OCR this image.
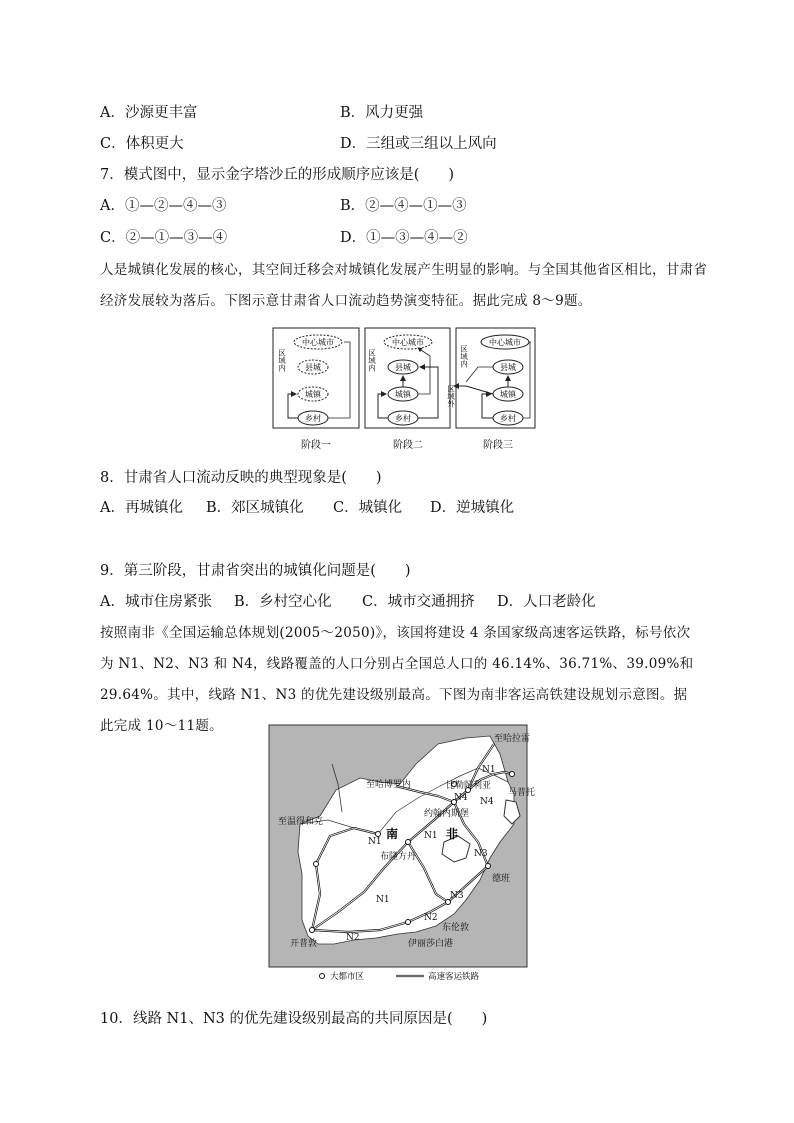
A．沙源更丰富	B．风力更强
C．体积更大	D．三组或三组以上风向
7．模式图中，显示金字塔沙丘的形成顺序应该是(　　)
A．①—②—④—③	B．②—④—①—③
C．②—①—③—④	D．①—③—④—②
人是城镇化发展的核心，其空间迁移会对城镇化发展产生明显的影响。与全国其他省区相比，甘肃省经济发展较为落后。下图示意甘肃省人口流动趋势演变特征。据此完成 8～9题。
中心城市
县城
城镇
乡村
区域内
阶段一
中心城市
县城
城镇
乡村
区域内
阶段二
中心城市
县城
城镇
乡村
区域内
区域外
阶段三
8．甘肃省人口流动反映的典型现象是(　　)
A．再城镇化 B．郊区城镇化 C．城镇化 D．逆城镇化
9．第三阶段，甘肃省突出的城镇化问题是(　　)
A．城市住房紧张 B．乡村空心化 C．城市交通拥挤 D．人口老龄化
按照南非《全国运输总体规划(2005～2050)》，该国将建设 4 条国家级高速客运铁路，标号依次为 N1、N2、N3 和 N4，线路覆盖的人口分别占全国总人口的 46.14%、36.71%、39.09%和 29.64%。其中，线路 N1、N3 的优先建设级别最高。下图为南非客运高铁建设规划示意图。据此完成 10～11题。
至哈拉雷
至哈博罗内	比勒陀利亚
约翰内斯堡
马普托
至温得和克
布隆方丹
德班
东伦敦
伊丽莎白港
开普敦
N1
N4 N4
N1
N1
N1
N3
N3
N2
N2
南	非
大都市区	高速客运铁路
10．线路 N1、N3 的优先建设级别最高的共同原因是(　　)
